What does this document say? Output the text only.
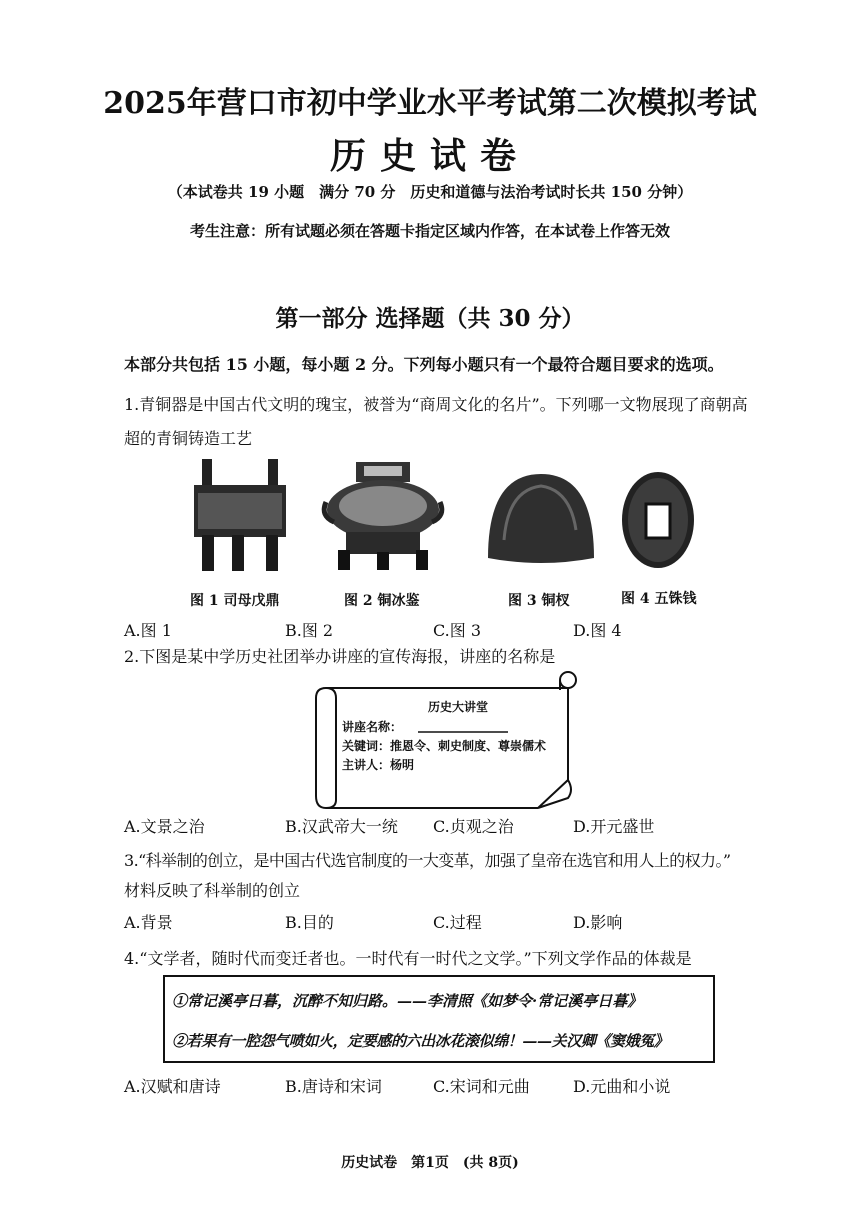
2025年营口市初中学业水平考试第二次模拟考试
历史试卷
（本试卷共 19 小题　满分 70 分　历史和道德与法治考试时长共 150 分钟）
考生注意：所有试题必须在答题卡指定区域内作答，在本试卷上作答无效
第一部分 选择题（共 30 分）
本部分共包括 15 小题，每小题 2 分。下列每小题只有一个最符合题目要求的选项。
1.青铜器是中国古代文明的瑰宝，被誉为“商周文化的名片”。下列哪一文物展现了商朝高
超的青铜铸造工艺
图 1 司母戊鼎	图 2 铜冰鉴	图 3 铜杈	图 4 五铢钱
A.图 1	B.图 2	C.图 3	D.图 4
2.下图是某中学历史社团举办讲座的宣传海报，讲座的名称是
历史大讲堂
讲座名称：
关键词：推恩令、刺史制度、尊崇儒术
主讲人：杨明
A.文景之治	B.汉武帝大一统 C.贞观之治	D.开元盛世
3.“科举制的创立，是中国古代选官制度的一大变革，加强了皇帝在选官和用人上的权力。”
材料反映了科举制的创立
A.背景	B.目的	C.过程	D.影响
4.“文学者，随时代而变迁者也。一时代有一时代之文学。”下列文学作品的体裁是
①常记溪亭日暮，沉醉不知归路。——李清照《如梦令·常记溪亭日暮》
②若果有一腔怨气喷如火，定要感的六出冰花滚似绵！——关汉卿《窦娥冤》
A.汉赋和唐诗	B.唐诗和宋词	C.宋词和元曲	D.元曲和小说
历史试卷　第1页　(共 8页)
